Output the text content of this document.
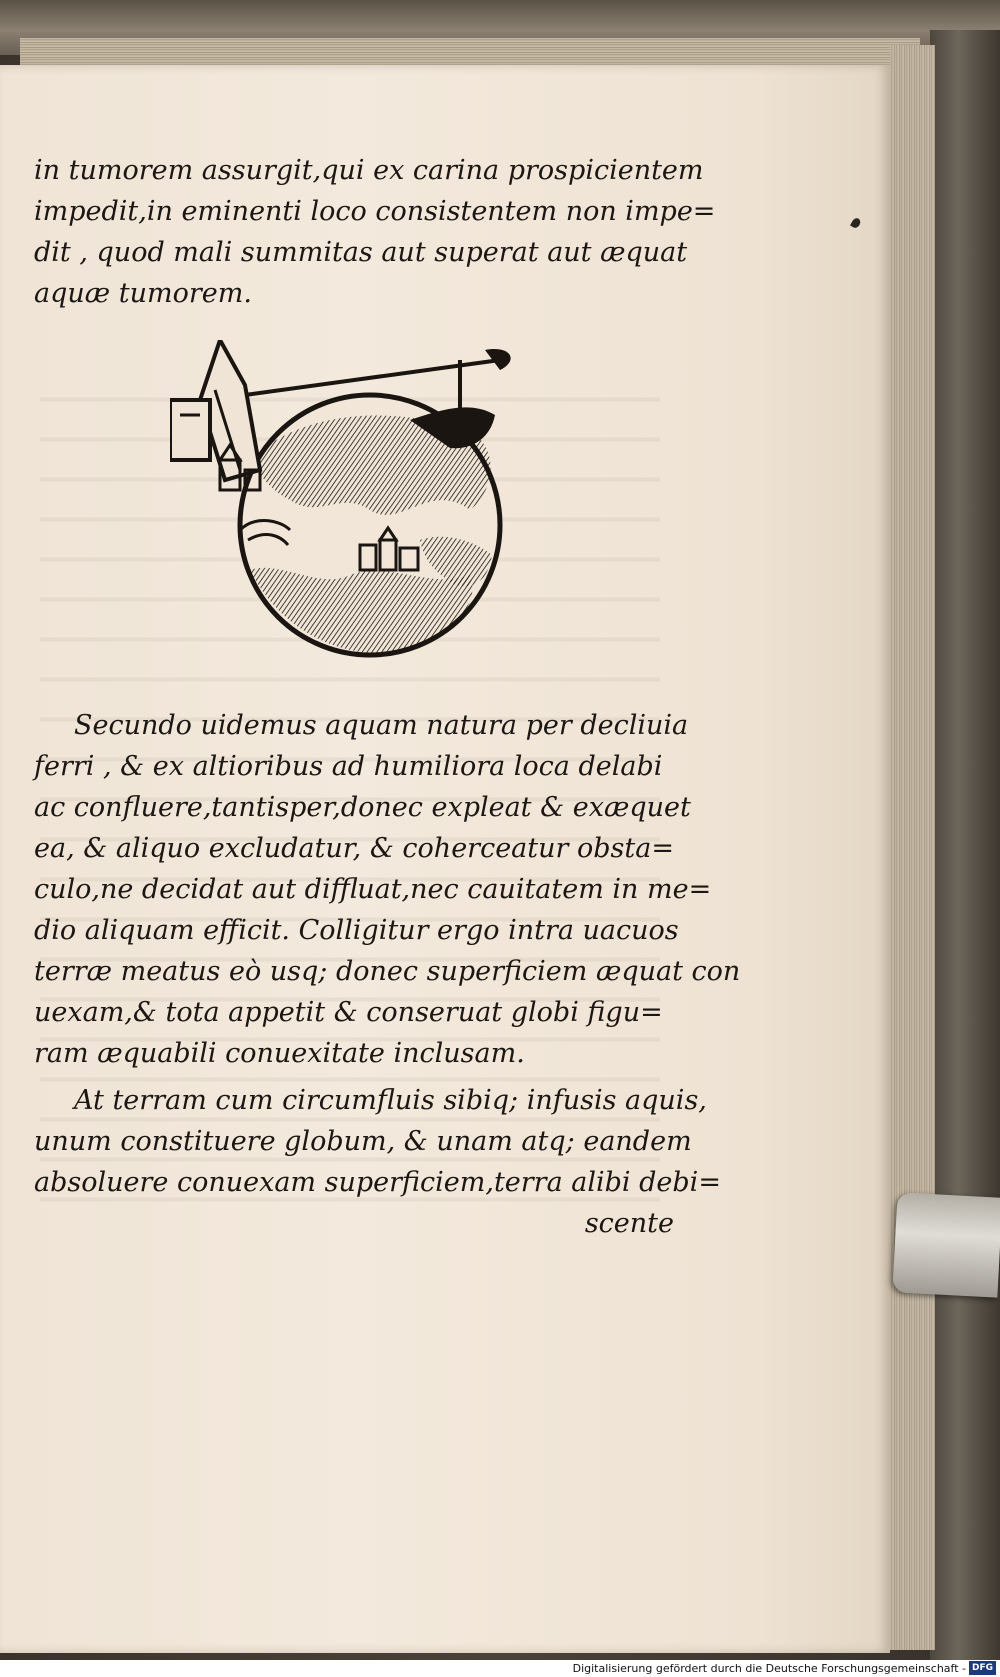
in tumorem assurgit,qui ex carina prospicientem
impedit,in eminenti loco consistentem non impe=
dit , quod mali summitas aut superat aut æquat
aquæ tumorem.
Secundo uidemus aquam natura per decliuia
ferri , & ex altioribus ad humiliora loca delabi
ac confluere,tantisper,donec expleat & exæquet
ea, & aliquo excludatur, & coherceatur obsta=
culo,ne decidat aut diffluat,nec cauitatem in me=
dio aliquam efficit. Colligitur ergo intra uacuos
terræ meatus eò usq; donec superficiem æquat con
uexam,& tota appetit & conseruat globi figu=
ram æquabili conuexitate inclusam.
At terram cum circumfluis sibiq; infusis aquis,
unum constituere globum, & unam atq; eandem
absoluere conuexam superficiem,terra alibi debi=
scente
Digitalisierung gefördert durch die Deutsche Forschungsgemeinschaft - DFG
